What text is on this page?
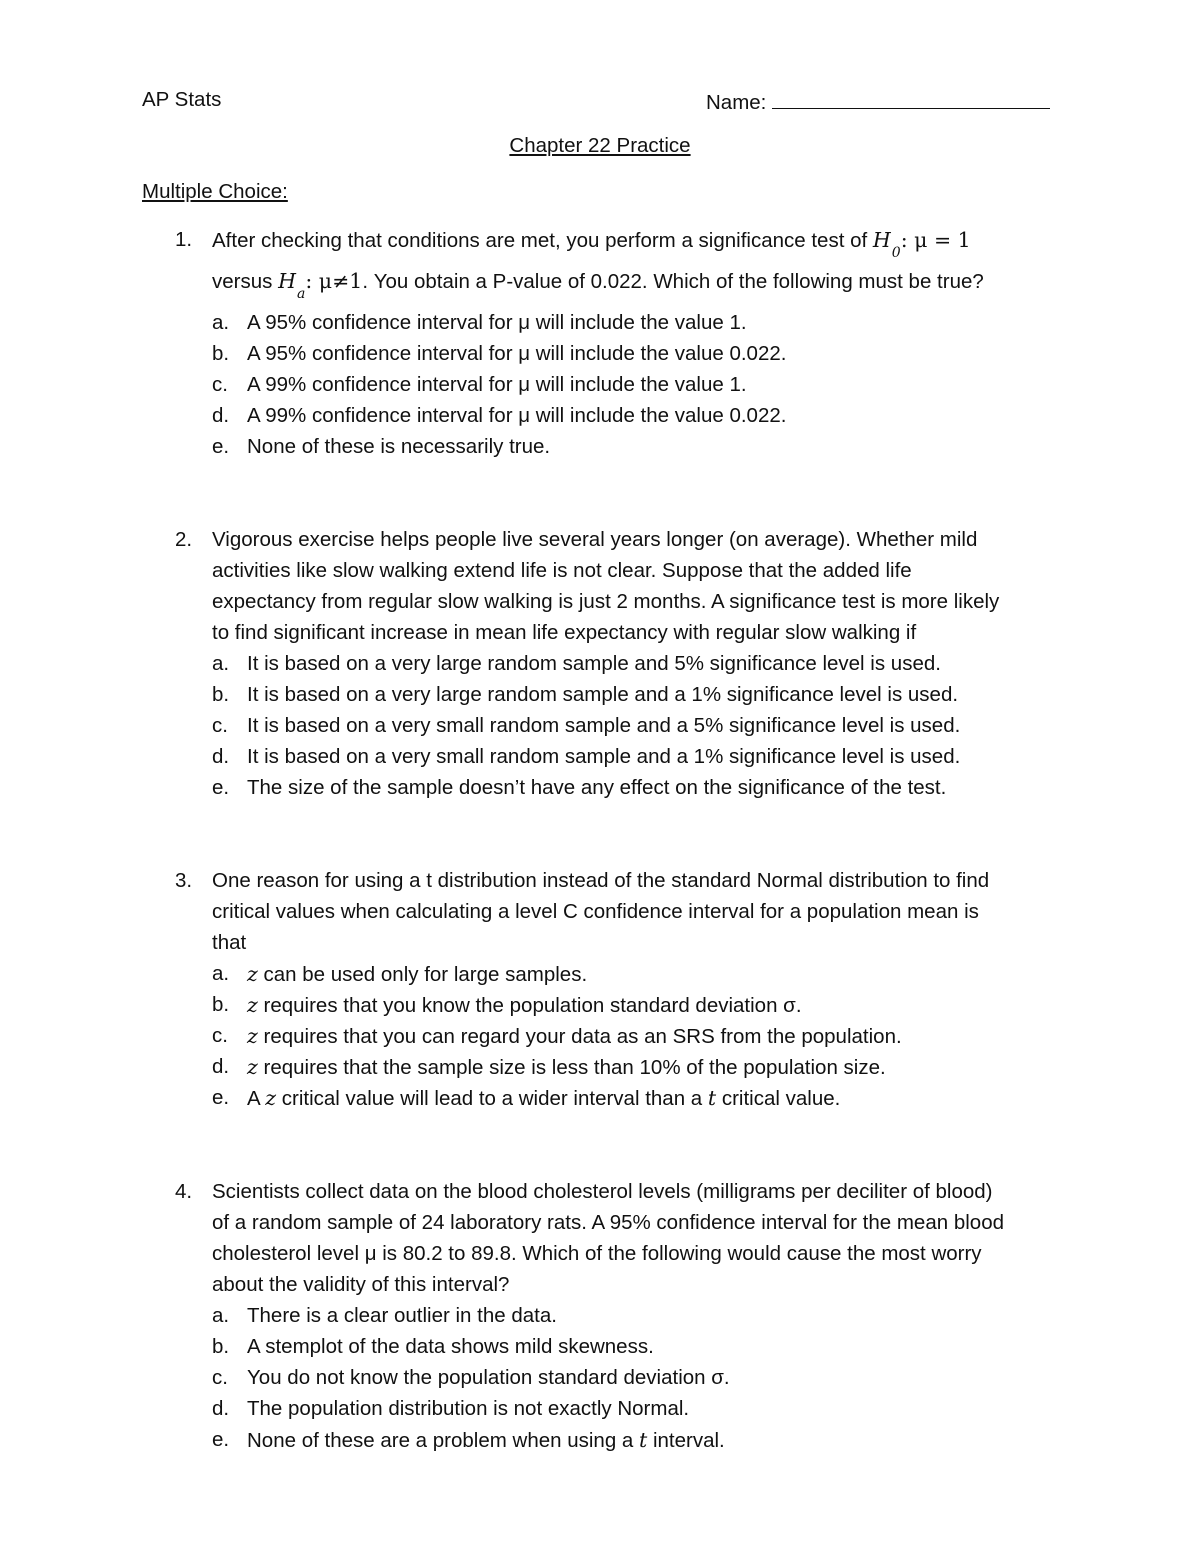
AP Stats	Name:
Chapter 22 Practice
Multiple Choice:
1. After checking that conditions are met, you perform a significance test of $H_0$: μ = 1
versus $H_a$: μ≠1. You obtain a P-value of 0.022. Which of the following must be true?
a. A 95% confidence interval for μ will include the value 1.
b. A 95% confidence interval for μ will include the value 0.022.
c. A 99% confidence interval for μ will include the value 1.
d. A 99% confidence interval for μ will include the value 0.022.
e. None of these is necessarily true.
2. Vigorous exercise helps people live several years longer (on average). Whether mild
activities like slow walking extend life is not clear. Suppose that the added life
expectancy from regular slow walking is just 2 months. A significance test is more likely
to find significant increase in mean life expectancy with regular slow walking if
a. It is based on a very large random sample and 5% significance level is used.
b. It is based on a very large random sample and a 1% significance level is used.
c. It is based on a very small random sample and a 5% significance level is used.
d. It is based on a very small random sample and a 1% significance level is used.
e. The size of the sample doesn’t have any effect on the significance of the test.
3. One reason for using a t distribution instead of the standard Normal distribution to find
critical values when calculating a level C confidence interval for a population mean is
that
a. z can be used only for large samples.
b. z requires that you know the population standard deviation σ.
c. z requires that you can regard your data as an SRS from the population.
d. z requires that the sample size is less than 10% of the population size.
e. A z critical value will lead to a wider interval than a t critical value.
4. Scientists collect data on the blood cholesterol levels (milligrams per deciliter of blood)
of a random sample of 24 laboratory rats. A 95% confidence interval for the mean blood
cholesterol level μ is 80.2 to 89.8. Which of the following would cause the most worry
about the validity of this interval?
a. There is a clear outlier in the data.
b. A stemplot of the data shows mild skewness.
c. You do not know the population standard deviation σ.
d. The population distribution is not exactly Normal.
e. None of these are a problem when using a t interval.
